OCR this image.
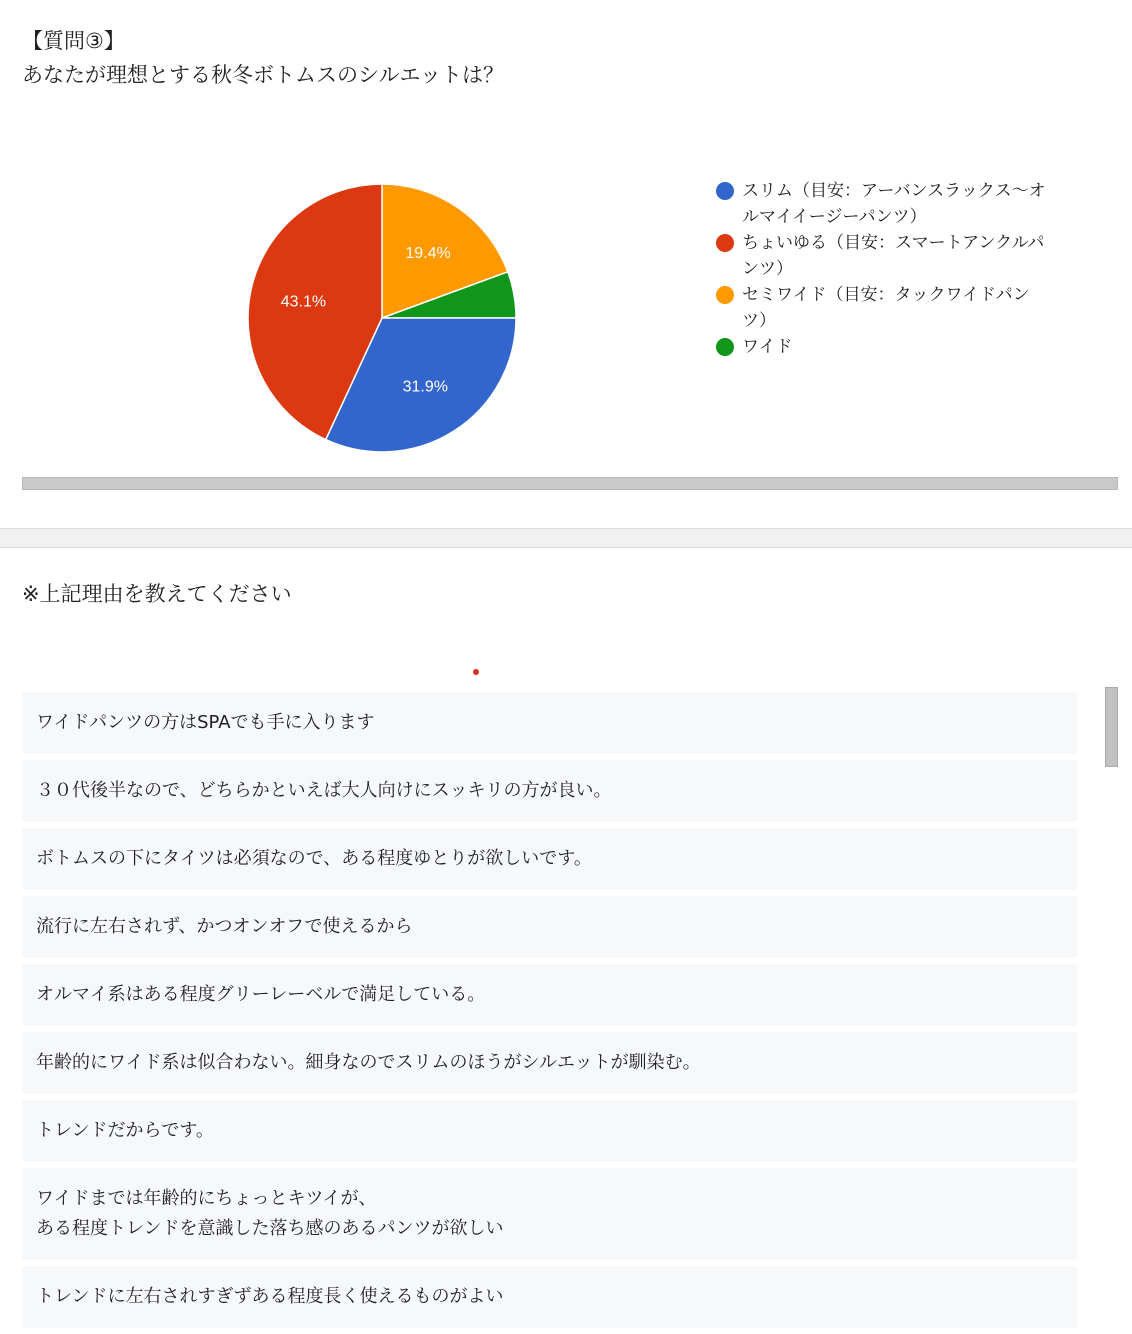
【質問③】
あなたが理想とする秋冬ボトムスのシルエットは？
19.4%
31.9%
43.1%
スリム（目安：アーバンスラックス〜オ
ルマイイージーパンツ）
ちょいゆる（目安：スマートアンクルパ
ンツ）
セミワイド（目安：タックワイドパン
ツ）
ワイド
※上記理由を教えてください
ワイドパンツの方はSPAでも手に入ります
３０代後半なので、どちらかといえば大人向けにスッキリの方が良い。
ボトムスの下にタイツは必須なので、ある程度ゆとりが欲しいです。
流行に左右されず、かつオンオフで使えるから
オルマイ系はある程度グリーレーベルで満足している。
年齢的にワイド系は似合わない。細身なのでスリムのほうがシルエットが馴染む。
トレンドだからです。
ワイドまでは年齢的にちょっとキツイが、
ある程度トレンドを意識した落ち感のあるパンツが欲しい
トレンドに左右されすぎずある程度長く使えるものがよい
